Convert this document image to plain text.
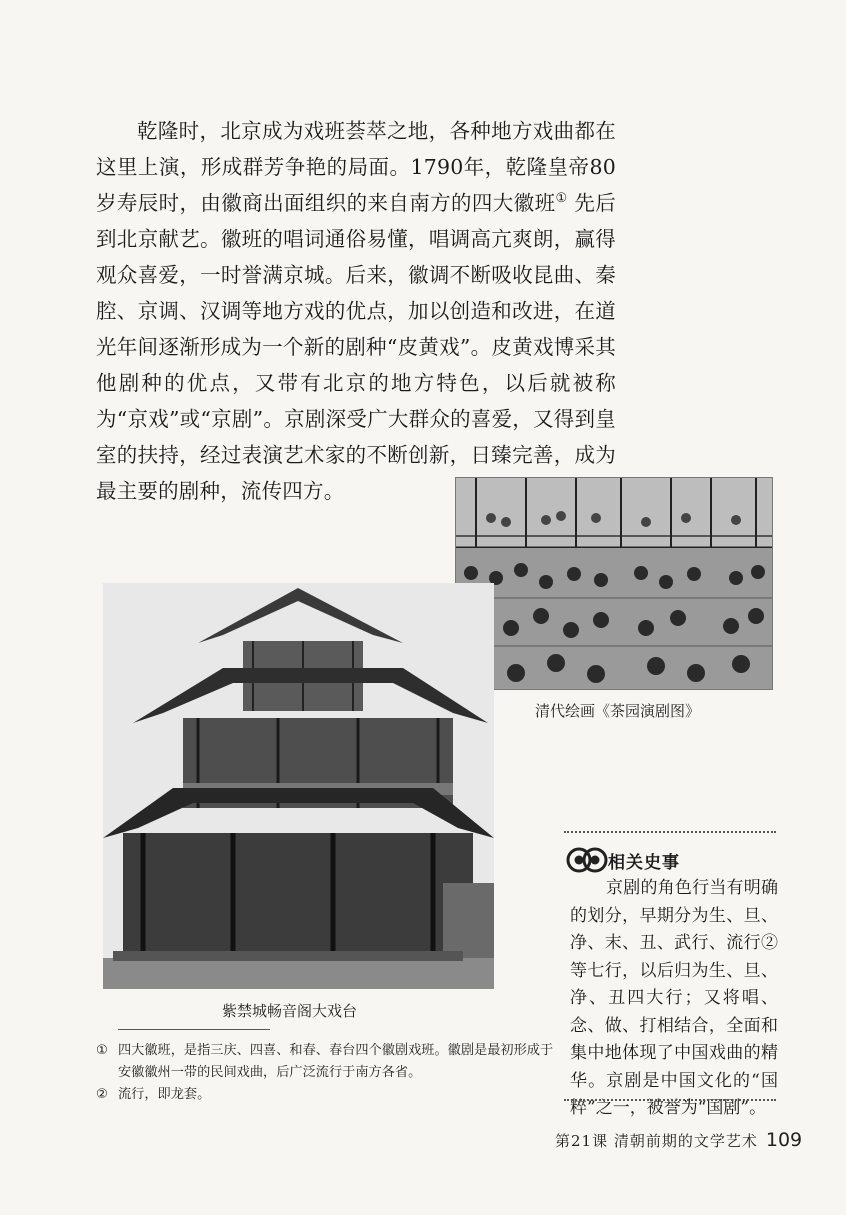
乾隆时，北京成为戏班荟萃之地，各种地方戏曲都在这里上演，形成群芳争艳的局面。1790年，乾隆皇帝80岁寿辰时，由徽商出面组织的来自南方的四大徽班① 先后到北京献艺。徽班的唱词通俗易懂，唱调高亢爽朗，赢得观众喜爱，一时誉满京城。后来，徽调不断吸收昆曲、秦腔、京调、汉调等地方戏的优点，加以创造和改进，在道光年间逐渐形成为一个新的剧种“皮黄戏”。皮黄戏博采其他剧种的优点，又带有北京的地方特色，以后就被称为“京戏”或“京剧”。京剧深受广大群众的喜爱，又得到皇室的扶持，经过表演艺术家的不断创新，日臻完善，成为最主要的剧种，流传四方。
清代绘画《茶园演剧图》
紫禁城畅音阁大戏台
相关史事
京剧的角色行当有明确的划分，早期分为生、旦、净、末、丑、武行、流行②等七行，以后归为生、旦、净、丑四大行；又将唱、念、做、打相结合，全面和集中地体现了中国戏曲的精华。京剧是中国文化的“国粹”之一，被誉为“国剧”。
① 四大徽班，是指三庆、四喜、和春、春台四个徽剧戏班。徽剧是最初形成于安徽徽州一带的民间戏曲，后广泛流行于南方各省。
② 流行，即龙套。
第21课 清朝前期的文学艺术 109
